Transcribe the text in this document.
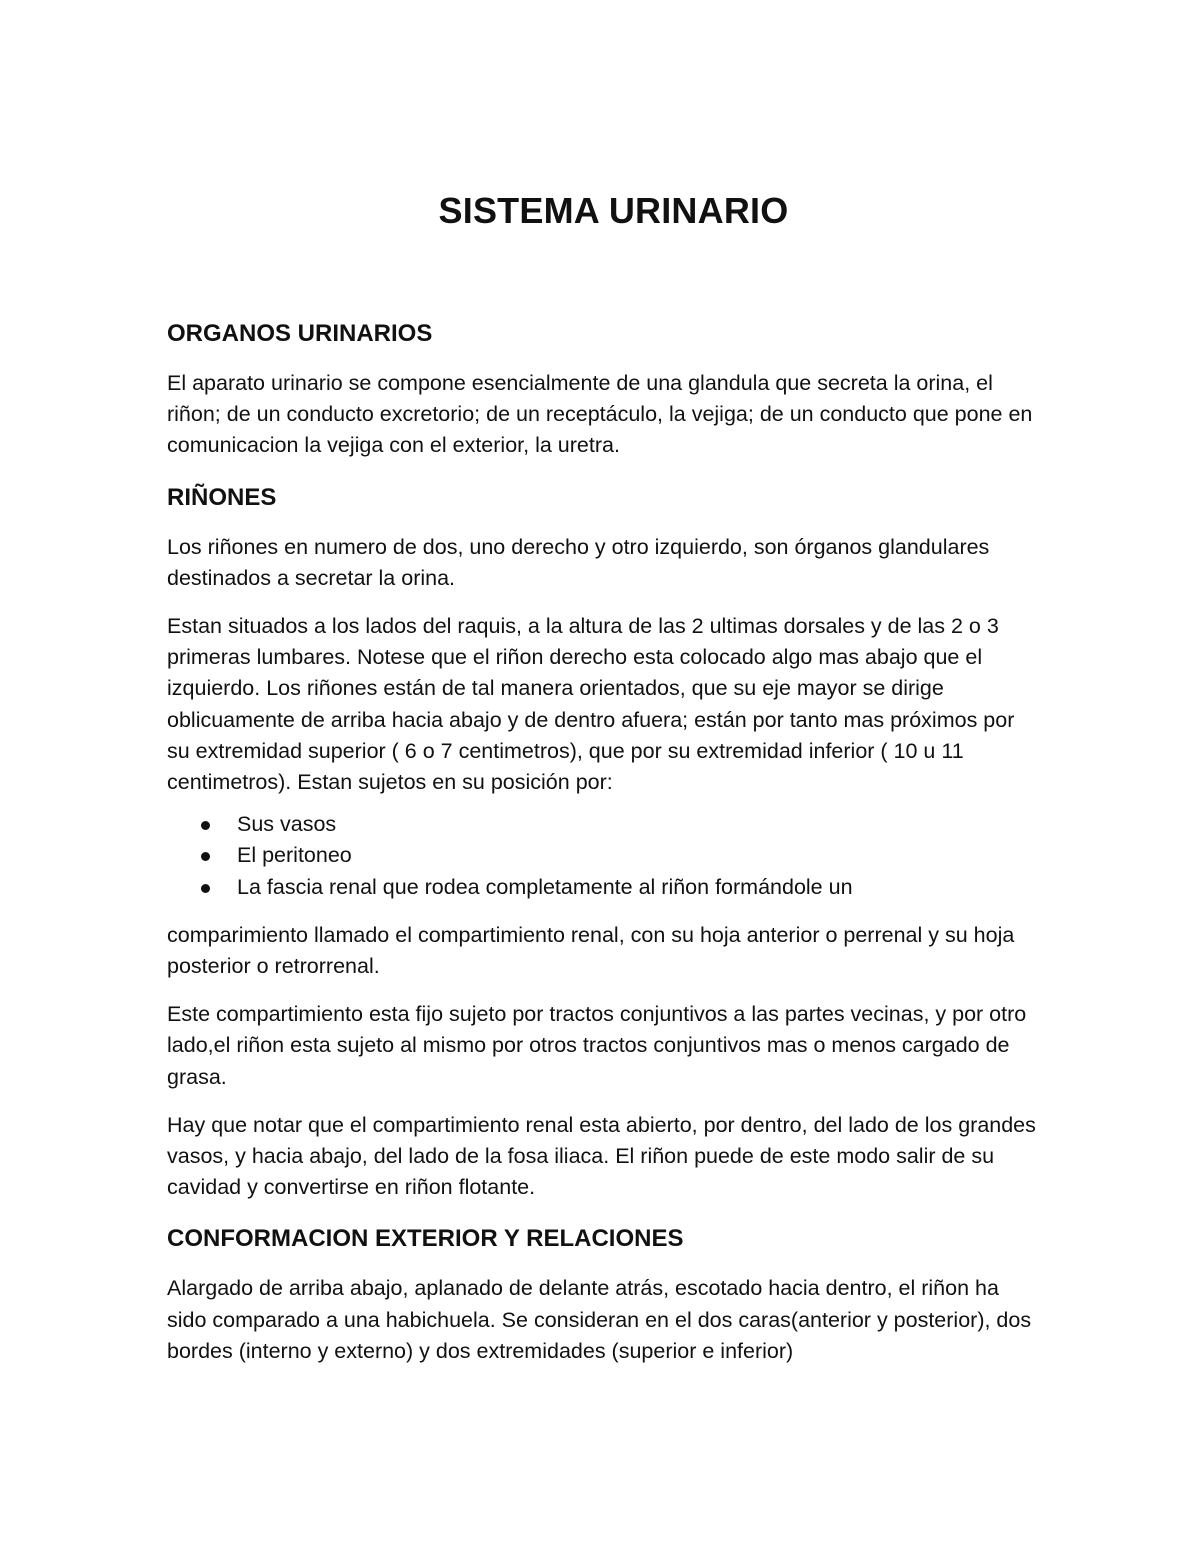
SISTEMA URINARIO
ORGANOS URINARIOS

El aparato urinario se compone esencialmente de una glandula que secreta la orina, el riñon; de un conducto excretorio; de un receptáculo, la vejiga; de un conducto que pone en comunicacion la vejiga con el exterior, la uretra.

RIÑONES

Los riñones en numero de dos, uno derecho y otro izquierdo, son órganos glandulares destinados a secretar la orina.

Estan situados a los lados del raquis, a la altura de las 2 ultimas dorsales y de las 2 o 3 primeras lumbares. Notese que el riñon derecho esta colocado algo mas abajo que el izquierdo. Los riñones están de tal manera orientados, que su eje mayor se dirige oblicuamente de arriba hacia abajo y de dentro afuera; están por tanto mas próximos por su extremidad superior ( 6 o 7 centimetros), que por su extremidad inferior ( 10 u 11 centimetros). Estan sujetos en su posición por:

Sus vasos
El peritoneo
La fascia renal que rodea completamente al riñon formándole un

comparimiento llamado el compartimiento renal, con su hoja anterior o perrenal y su hoja posterior o retrorrenal.

Este compartimiento esta fijo sujeto por tractos conjuntivos a las partes vecinas, y por otro lado,el riñon esta sujeto al mismo por otros tractos conjuntivos mas o menos cargado de grasa.

Hay que notar que el compartimiento renal esta abierto, por dentro, del lado de los grandes vasos, y hacia abajo, del lado de la fosa iliaca. El riñon puede de este modo salir de su cavidad y convertirse en riñon flotante.

CONFORMACION EXTERIOR Y RELACIONES

Alargado de arriba abajo, aplanado de delante atrás, escotado hacia dentro, el riñon ha sido comparado a una habichuela. Se consideran en el dos caras(anterior y posterior), dos bordes (interno y externo) y dos extremidades (superior e inferior)
